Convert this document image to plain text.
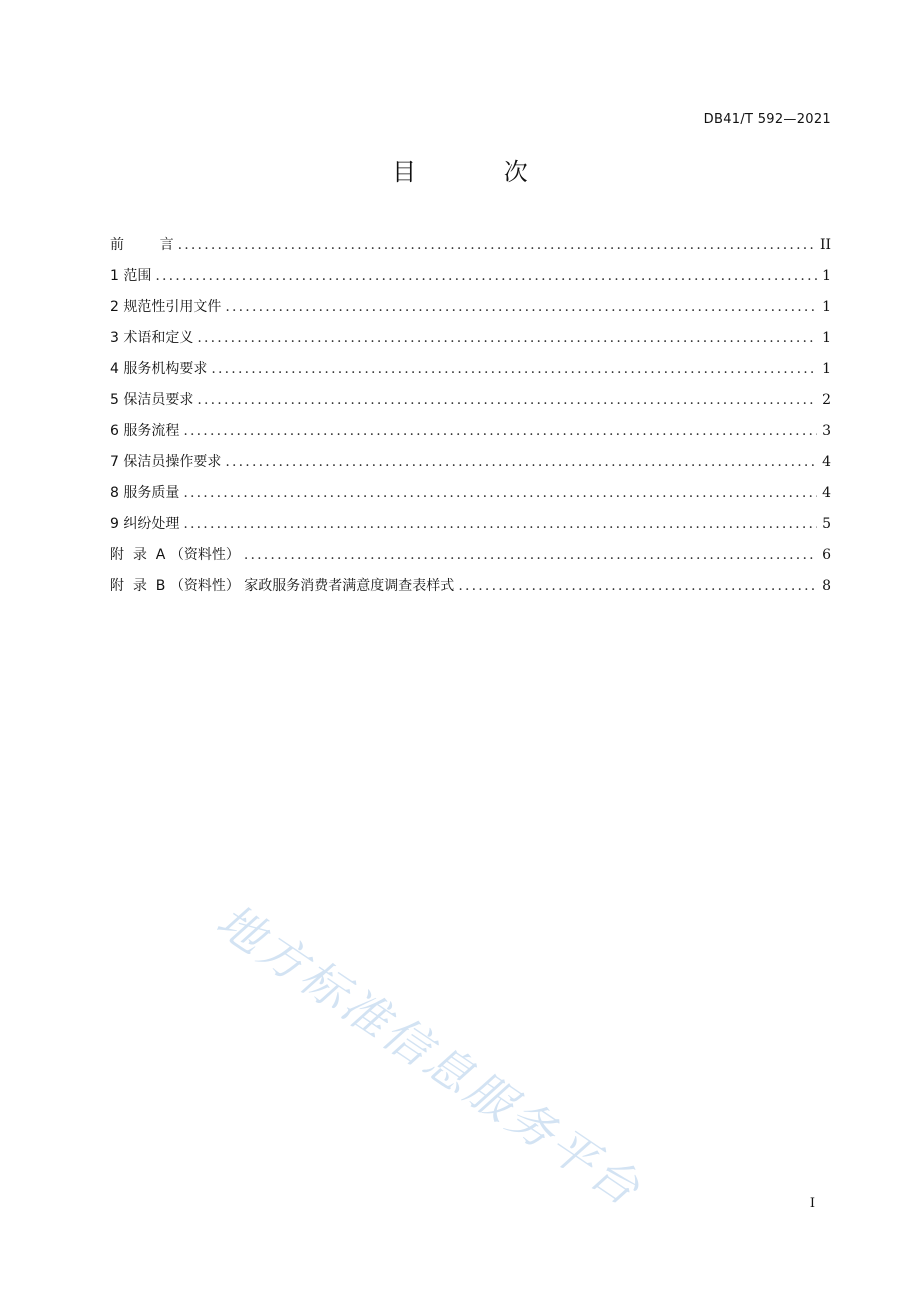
DB41/T 592—2021
目 次
前        言 .....	II
1 范围 .....	1
2 规范性引用文件 .....	1
3 术语和定义 .....	1
4 服务机构要求 .....	1
5 保洁员要求 .....	2
6 服务流程 .....	3
7 保洁员操作要求 .....	4
8 服务质量 .....	4
9 纠纷处理 .....	5
附  录  A （资料性） .....	6
附  录  B （资料性） 家政服务消费者满意度调查表样式 .....	8
地方标准信息服务平台	I
